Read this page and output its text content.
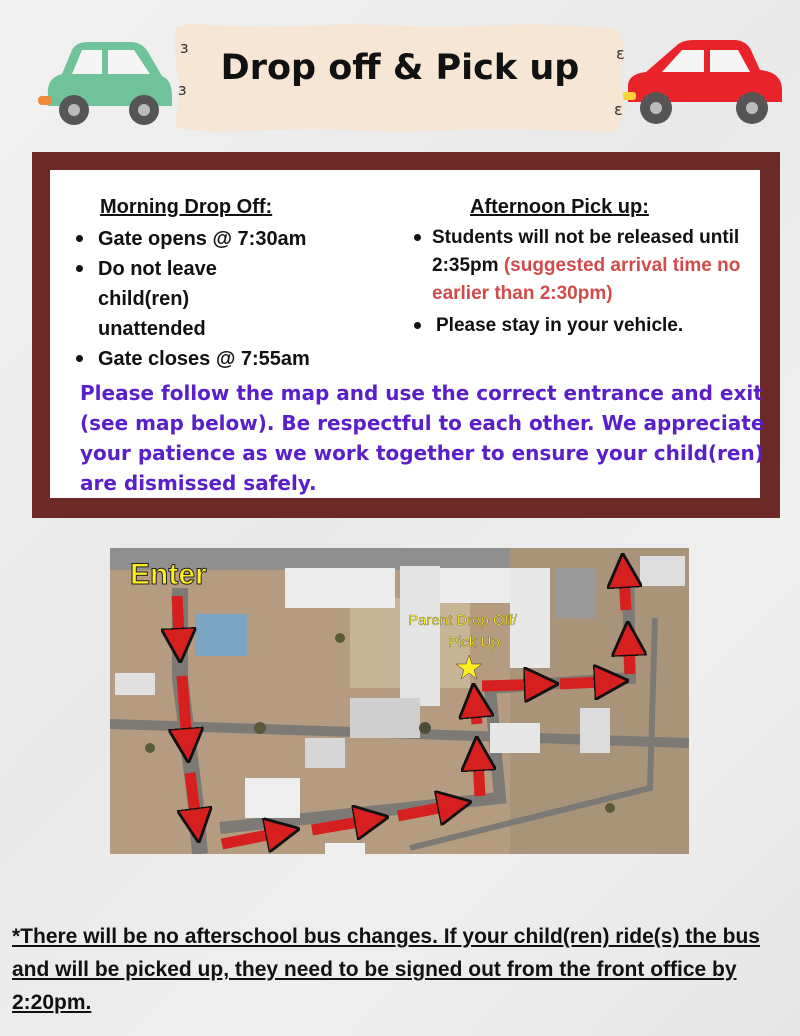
ɜ
ɜ
ɛ
ɛ
Drop off & Pick up
Morning Drop Off:
Gate opens @ 7:30am
Do not leave child(ren) unattended
Gate closes @ 7:55am
Afternoon Pick up:
Students will not be released until 2:35pm (suggested arrival time no earlier than 2:30pm)
Please stay in your vehicle.
Please follow the map and use the correct entrance and exit (see map below). Be respectful to each other. We appreciate your patience as we work together to ensure your child(ren) are dismissed safely.
Enter
Parent Drop Off/
Pick Up
*There will be no afterschool bus changes. If your child(ren) ride(s) the bus and will be picked up, they need to be signed out from the front office by 2:20pm.
